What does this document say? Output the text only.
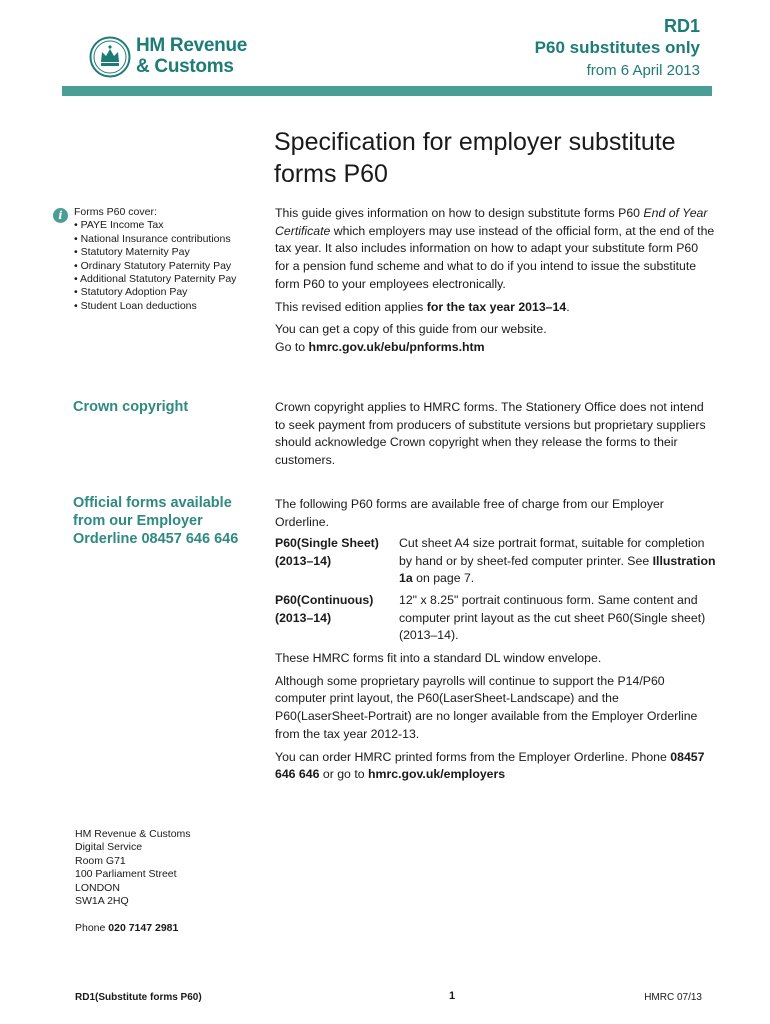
HM Revenue
& Customs
RD1
P60 substitutes only
from 6 April 2013
Specification for employer substitute forms P60
i	Forms P60 cover:
• PAYE Income Tax
• National Insurance contributions
• Statutory Maternity Pay
• Ordinary Statutory Paternity Pay
• Additional Statutory Paternity Pay
• Statutory Adoption Pay
• Student Loan deductions

This guide gives information on how to design substitute forms P60 End of Year Certificate which employers may use instead of the official form, at the end of the tax year. It also includes information on how to adapt your substitute form P60 for a pension fund scheme and what to do if you intend to issue the substitute form P60 to your employees electronically.

This revised edition applies for the tax year 2013–14.

You can get a copy of this guide from our website.
Go to hmrc.gov.uk/ebu/pnforms.htm

Crown copyright	Crown copyright applies to HMRC forms. The Stationery Office does not intend to seek payment from producers of substitute versions but proprietary suppliers should acknowledge Crown copyright when they release the forms to their customers.
Official forms available from our Employer Orderline 08457 646 646
The following P60 forms are available free of charge from our Employer Orderline.
P60(Single Sheet) (2013–14)
Cut sheet A4 size portrait format, suitable for completion by hand or by sheet-fed computer printer. See Illustration 1a on page 7.
P60(Continuous) (2013–14)
12" x 8.25" portrait continuous form. Same content and computer print layout as the cut sheet P60(Single sheet)(2013–14).

These HMRC forms fit into a standard DL window envelope.

Although some proprietary payrolls will continue to support the P14/P60 computer print layout, the P60(LaserSheet-Landscape) and the P60(LaserSheet-Portrait) are no longer available from the Employer Orderline from the tax year 2012-13.

You can order HMRC printed forms from the Employer Orderline. Phone 08457 646 646 or go to hmrc.gov.uk/employers

HM Revenue & Customs
Digital Service
Room G71
100 Parliament Street
LONDON
SW1A 2HQ
Phone 020 7147 2981
RD1(Substitute forms P60)	1	HMRC 07/13
